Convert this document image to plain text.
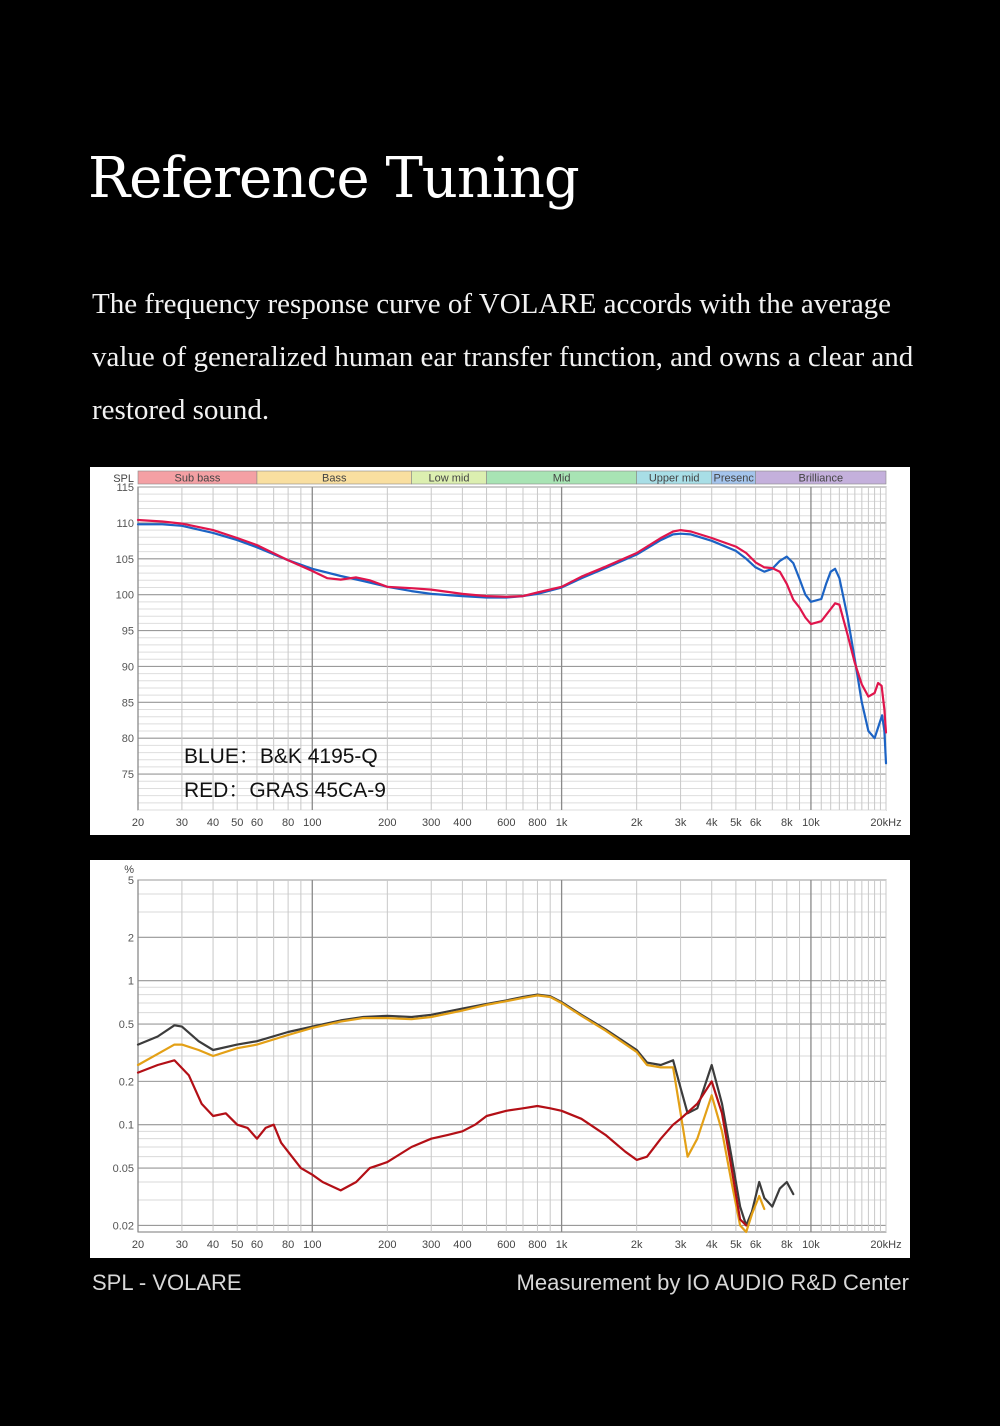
Reference Tuning
The frequency response curve of VOLARE accords with the average value of generalized human ear transfer function, and owns a clear and restored sound.
115
110
105
100
95
90
85
80
75
20	30 40 50 60 80 100	200 300 400 600 800 1k	2k	3k 4k 5k 6k 8k 10k	20kHz
SPL	Sub bass	Bass	Low mid	Mid	Upper mid Presenc	Brilliance
BLUE：B&K 4195-Q
RED：GRAS 45CA-9
5
2
1
0.5
0.2
0.1
0.05
0.02
20	30 40 50 60 80 100	200 300 400 600 800 1k	2k	3k 4k 5k 6k 8k 10k	20kHz
%
SPL - VOLARE	Measurement by IO AUDIO R&D Center
